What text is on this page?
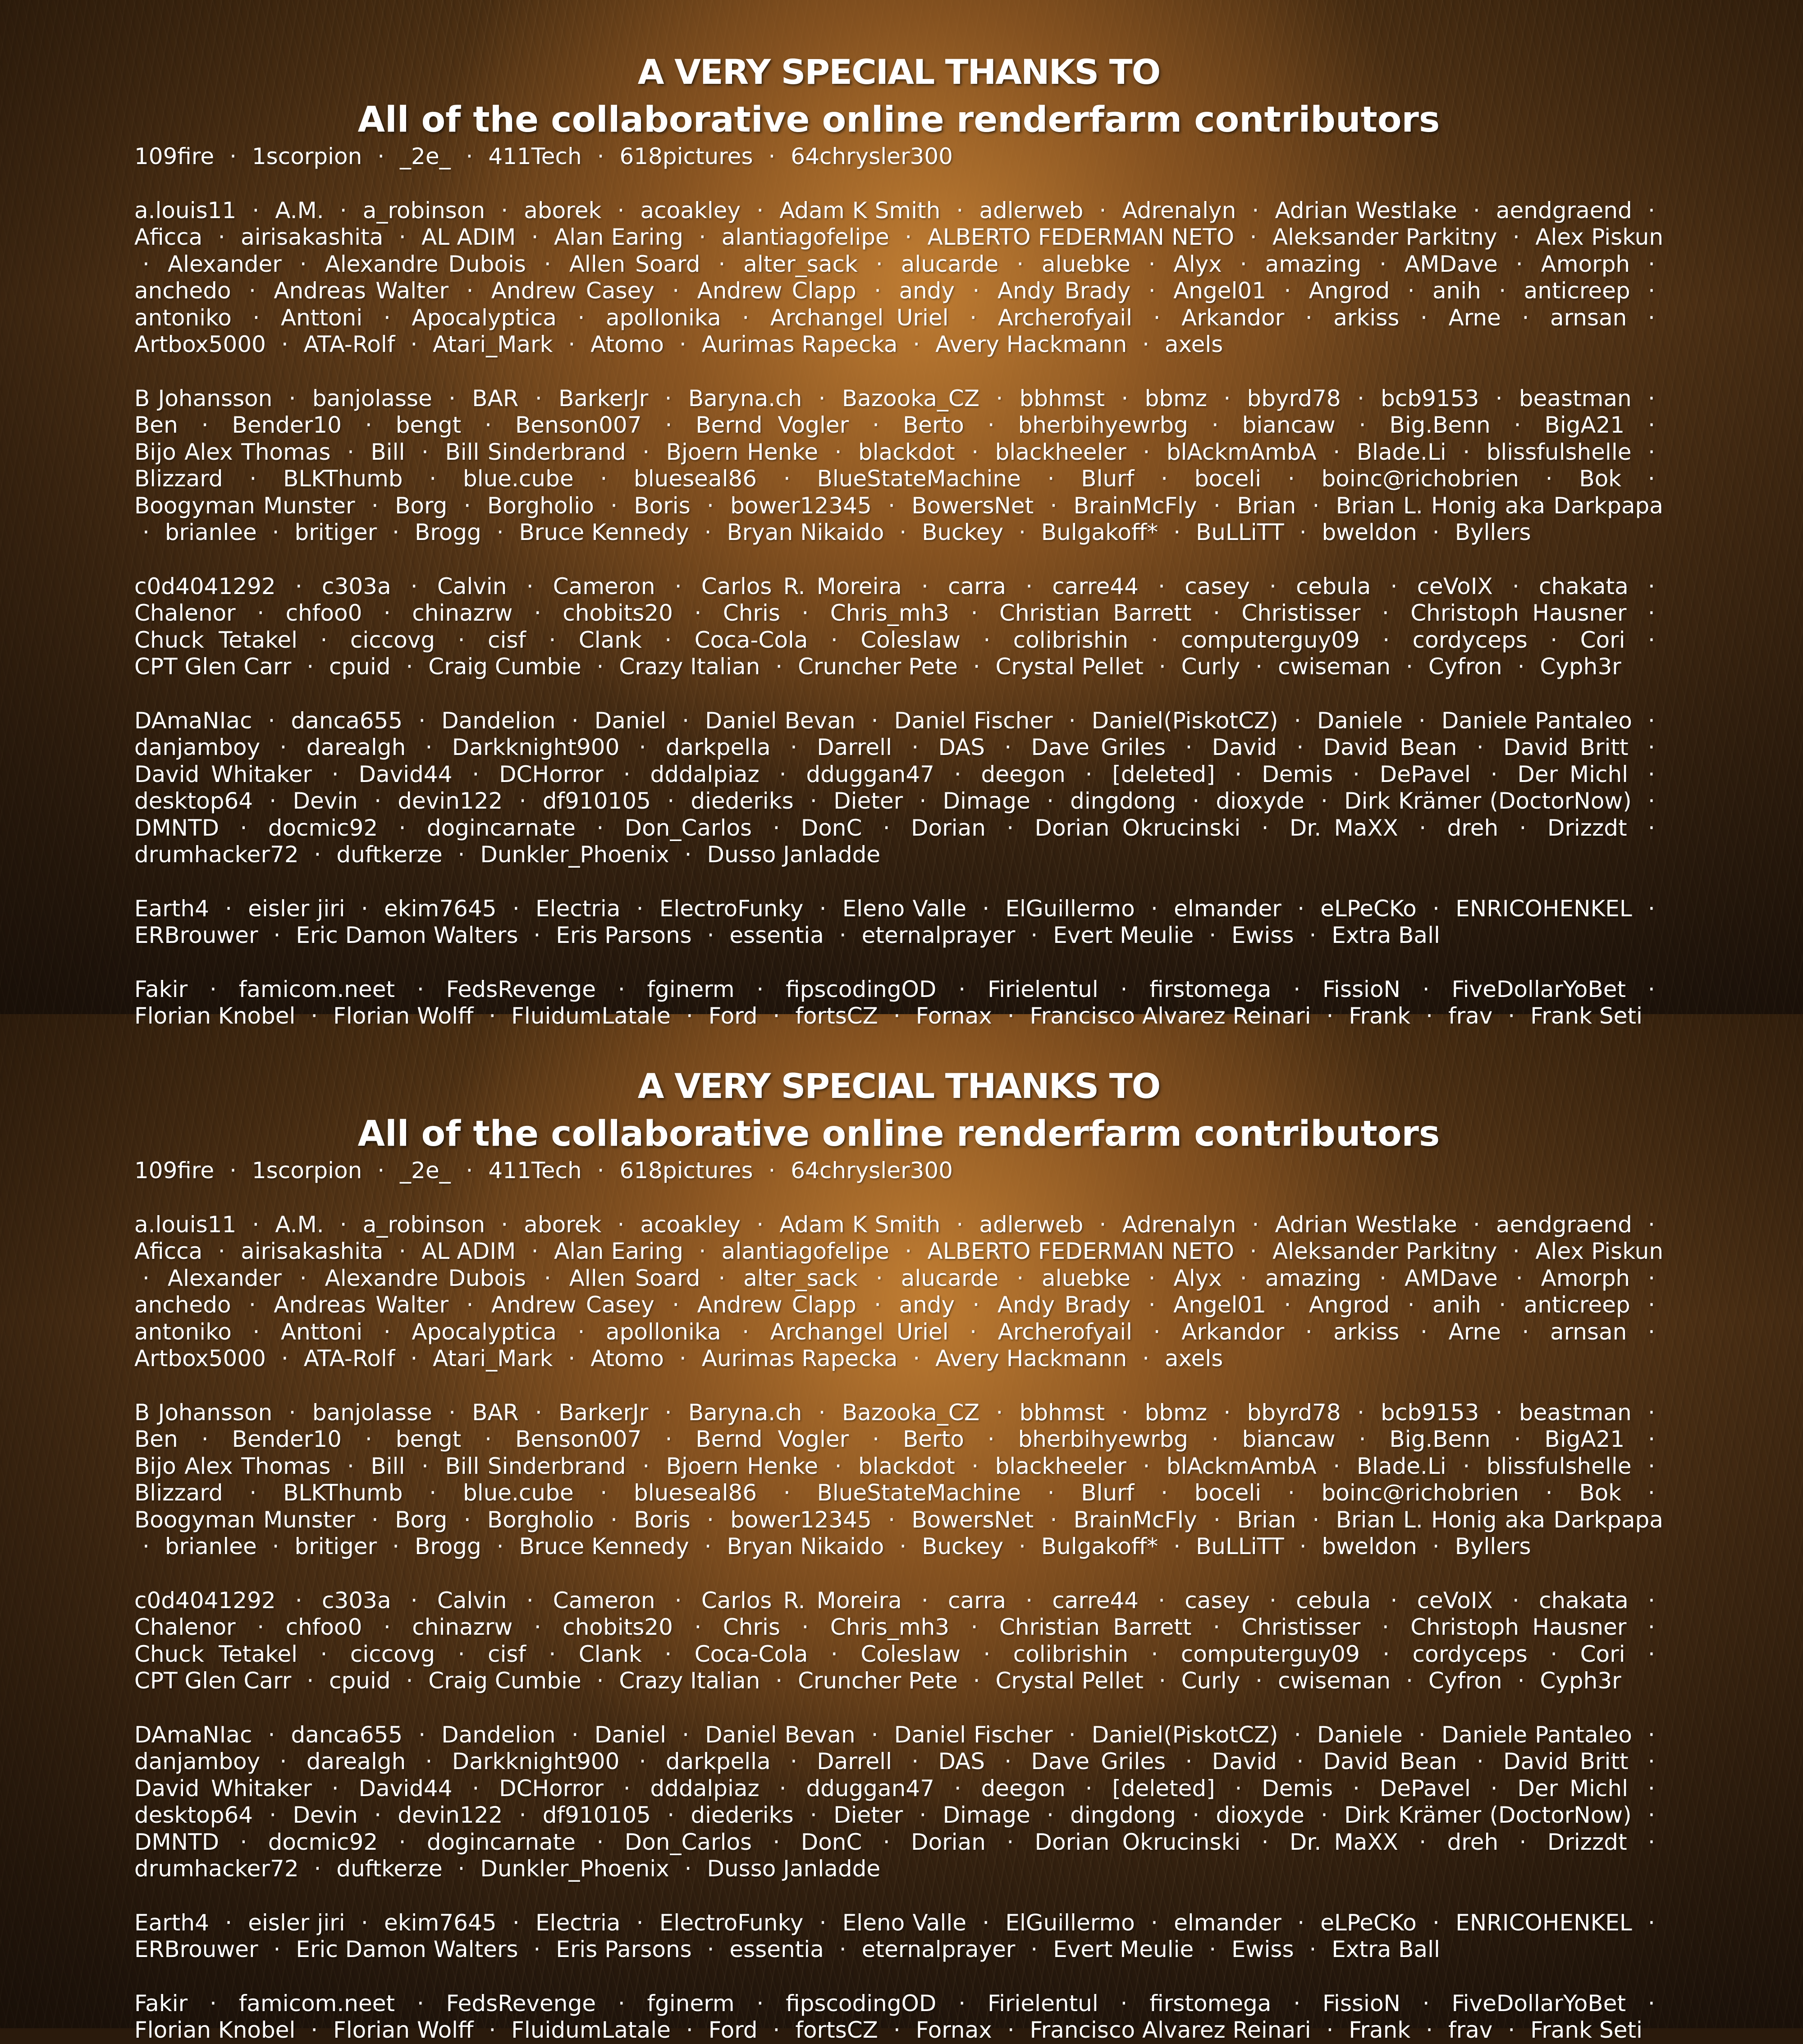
A VERY SPECIAL THANKS TO
All of the collaborative online renderfarm contributors

109fire · 1scorpion · _2e_ · 411Tech · 618pictures · 64chrysler300

a.louis11 · A.M. · a_robinson · aborek · acoakley · Adam K Smith · adlerweb · Adrenalyn · Adrian Westlake · aendgraend · Aficca · airisakashita · AL ADIM · Alan Earing · alantiagofelipe · ALBERTO FEDERMAN NETO · Aleksander Parkitny · Alex Piskun · Alexander · Alexandre Dubois · Allen Soard · alter_sack · alucarde · aluebke · Alyx · amazing · AMDave · Amorph · anchedo · Andreas Walter · Andrew Casey · Andrew Clapp · andy · Andy Brady · Angel01 · Angrod · anih · anticreep · antoniko · Anttoni · Apocalyptica · apollonika · Archangel Uriel · Archerofyail · Arkandor · arkiss · Arne · arnsan · Artbox5000 · ATA-Rolf · Atari_Mark · Atomo · Aurimas Rapecka · Avery Hackmann · axels

B Johansson · banjolasse · BAR · BarkerJr · Baryna.ch · Bazooka_CZ · bbhmst · bbmz · bbyrd78 · bcb9153 · beastman · Ben · Bender10 · bengt · Benson007 · Bernd Vogler · Berto · bherbihyewrbg · biancaw · Big.Benn · BigA21 · Bijo Alex Thomas · Bill · Bill Sinderbrand · Bjoern Henke · blackdot · blackheeler · blAckmAmbA · Blade.Li · blissfulshelle · Blizzard · BLKThumb · blue.cube · blueseal86 · BlueStateMachine · Blurf · boceli · boinc@richobrien · Bok · Boogyman Munster · Borg · Borgholio · Boris · bower12345 · BowersNet · BrainMcFly · Brian · Brian L. Honig aka Darkpapa · brianlee · britiger · Brogg · Bruce Kennedy · Bryan Nikaido · Buckey · Bulgakoff* · BuLLiTT · bweldon · Byllers

c0d4041292 · c303a · Calvin · Cameron · Carlos R. Moreira · carra · carre44 · casey · cebula · ceVoIX · chakata · Chalenor · chfoo0 · chinazrw · chobits20 · Chris · Chris_mh3 · Christian Barrett · Christisser · Christoph Hausner · Chuck Tetakel · ciccovg · cisf · Clank · Coca-Cola · Coleslaw · colibrishin · computerguy09 · cordyceps · Cori · CPT Glen Carr · cpuid · Craig Cumbie · Crazy Italian · Cruncher Pete · Crystal Pellet · Curly · cwiseman · Cyfron · Cyph3r

DAmaNIac · danca655 · Dandelion · Daniel · Daniel Bevan · Daniel Fischer · Daniel(PiskotCZ) · Daniele · Daniele Pantaleo · danjamboy · darealgh · Darkknight900 · darkpella · Darrell · DAS · Dave Griles · David · David Bean · David Britt · David Whitaker · David44 · DCHorror · dddalpiaz · dduggan47 · deegon · [deleted] · Demis · DePavel · Der Michl · desktop64 · Devin · devin122 · df910105 · diederiks · Dieter · Dimage · dingdong · dioxyde · Dirk Krämer (DoctorNow) · DMNTD · docmic92 · dogincarnate · Don_Carlos · DonC · Dorian · Dorian Okrucinski · Dr. MaXX · dreh · Drizzdt · drumhacker72 · duftkerze · Dunkler_Phoenix · Dusso Janladde

Earth4 · eisler jiri · ekim7645 · Electria · ElectroFunky · Eleno Valle · ElGuillermo · elmander · eLPeCKo · ENRICOHENKEL · ERBrouwer · Eric Damon Walters · Eris Parsons · essentia · eternalprayer · Evert Meulie · Ewiss · Extra Ball

Fakir · famicom.neet · FedsRevenge · fginerm · fipscodingOD · Firielentul · firstomega · FissioN · FiveDollarYoBet · Florian Knobel · Florian Wolff · FluidumLatale · Ford · fortsCZ · Fornax · Francisco Alvarez Reinari · Frank · frav · Frank Seti

A VERY SPECIAL THANKS TO
All of the collaborative online renderfarm contributors

109fire · 1scorpion · _2e_ · 411Tech · 618pictures · 64chrysler300

a.louis11 · A.M. · a_robinson · aborek · acoakley · Adam K Smith · adlerweb · Adrenalyn · Adrian Westlake · aendgraend · Aficca · airisakashita · AL ADIM · Alan Earing · alantiagofelipe · ALBERTO FEDERMAN NETO · Aleksander Parkitny · Alex Piskun · Alexander · Alexandre Dubois · Allen Soard · alter_sack · alucarde · aluebke · Alyx · amazing · AMDave · Amorph · anchedo · Andreas Walter · Andrew Casey · Andrew Clapp · andy · Andy Brady · Angel01 · Angrod · anih · anticreep · antoniko · Anttoni · Apocalyptica · apollonika · Archangel Uriel · Archerofyail · Arkandor · arkiss · Arne · arnsan · Artbox5000 · ATA-Rolf · Atari_Mark · Atomo · Aurimas Rapecka · Avery Hackmann · axels

B Johansson · banjolasse · BAR · BarkerJr · Baryna.ch · Bazooka_CZ · bbhmst · bbmz · bbyrd78 · bcb9153 · beastman · Ben · Bender10 · bengt · Benson007 · Bernd Vogler · Berto · bherbihyewrbg · biancaw · Big.Benn · BigA21 · Bijo Alex Thomas · Bill · Bill Sinderbrand · Bjoern Henke · blackdot · blackheeler · blAckmAmbA · Blade.Li · blissfulshelle · Blizzard · BLKThumb · blue.cube · blueseal86 · BlueStateMachine · Blurf · boceli · boinc@richobrien · Bok · Boogyman Munster · Borg · Borgholio · Boris · bower12345 · BowersNet · BrainMcFly · Brian · Brian L. Honig aka Darkpapa · brianlee · britiger · Brogg · Bruce Kennedy · Bryan Nikaido · Buckey · Bulgakoff* · BuLLiTT · bweldon · Byllers

c0d4041292 · c303a · Calvin · Cameron · Carlos R. Moreira · carra · carre44 · casey · cebula · ceVoIX · chakata · Chalenor · chfoo0 · chinazrw · chobits20 · Chris · Chris_mh3 · Christian Barrett · Christisser · Christoph Hausner · Chuck Tetakel · ciccovg · cisf · Clank · Coca-Cola · Coleslaw · colibrishin · computerguy09 · cordyceps · Cori · CPT Glen Carr · cpuid · Craig Cumbie · Crazy Italian · Cruncher Pete · Crystal Pellet · Curly · cwiseman · Cyfron · Cyph3r

DAmaNIac · danca655 · Dandelion · Daniel · Daniel Bevan · Daniel Fischer · Daniel(PiskotCZ) · Daniele · Daniele Pantaleo · danjamboy · darealgh · Darkknight900 · darkpella · Darrell · DAS · Dave Griles · David · David Bean · David Britt · David Whitaker · David44 · DCHorror · dddalpiaz · dduggan47 · deegon · [deleted] · Demis · DePavel · Der Michl · desktop64 · Devin · devin122 · df910105 · diederiks · Dieter · Dimage · dingdong · dioxyde · Dirk Krämer (DoctorNow) · DMNTD · docmic92 · dogincarnate · Don_Carlos · DonC · Dorian · Dorian Okrucinski · Dr. MaXX · dreh · Drizzdt · drumhacker72 · duftkerze · Dunkler_Phoenix · Dusso Janladde

Earth4 · eisler jiri · ekim7645 · Electria · ElectroFunky · Eleno Valle · ElGuillermo · elmander · eLPeCKo · ENRICOHENKEL · ERBrouwer · Eric Damon Walters · Eris Parsons · essentia · eternalprayer · Evert Meulie · Ewiss · Extra Ball

Fakir · famicom.neet · FedsRevenge · fginerm · fipscodingOD · Firielentul · firstomega · FissioN · FiveDollarYoBet · Florian Knobel · Florian Wolff · FluidumLatale · Ford · fortsCZ · Fornax · Francisco Alvarez Reinari · Frank · frav · Frank Seti
